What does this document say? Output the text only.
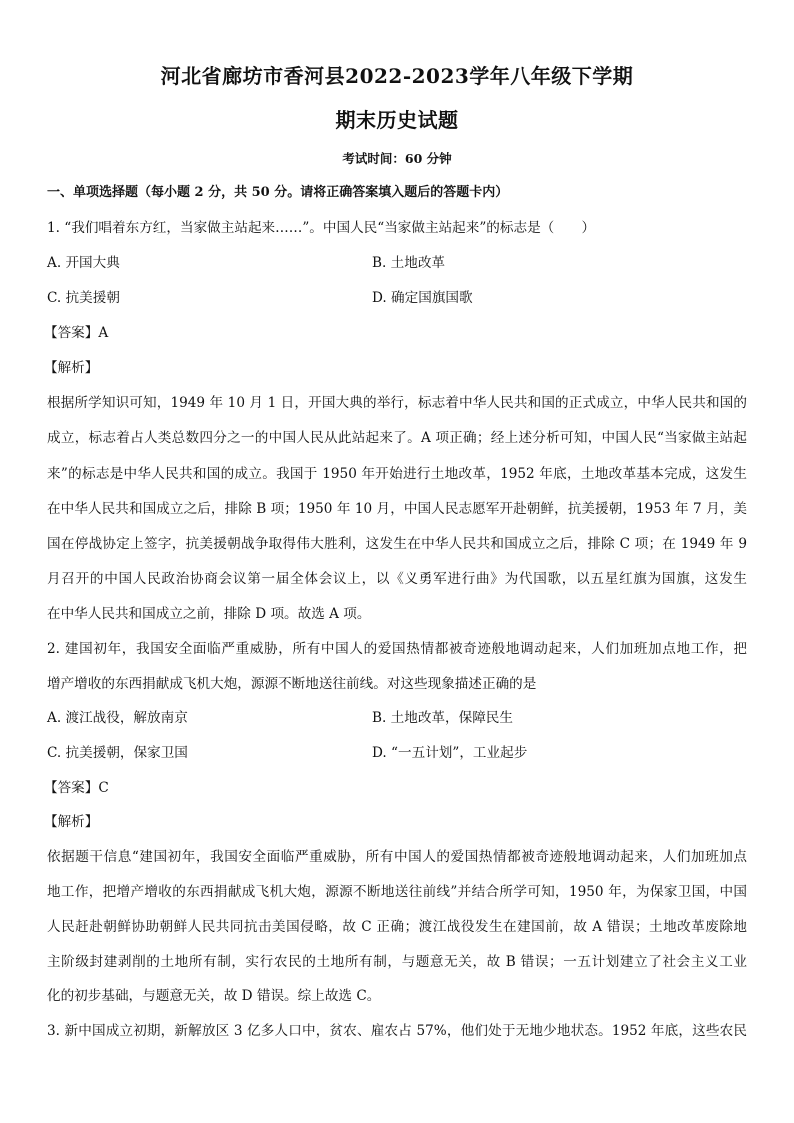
河北省廊坊市香河县2022-2023学年八年级下学期
期末历史试题
考试时间：60 分钟
一、单项选择题（每小题 2 分，共 50 分。请将正确答案填入题后的答题卡内）
1. “我们唱着东方红，当家做主站起来……”。中国人民“当家做主站起来”的标志是（　　）
A. 开国大典	B. 土地改革
C. 抗美援朝	D. 确定国旗国歌
【答案】A
【解析】
根据所学知识可知，1949 年 10 月 1 日，开国大典的举行，标志着中华人民共和国的正式成立，中华人民共和国的
成立，标志着占人类总数四分之一的中国人民从此站起来了。A 项正确；经上述分析可知，中国人民“当家做主站起
来”的标志是中华人民共和国的成立。我国于 1950 年开始进行土地改革，1952 年底，土地改革基本完成，这发生
在中华人民共和国成立之后，排除 B 项；1950 年 10 月，中国人民志愿军开赴朝鲜，抗美援朝，1953 年 7 月，美
国在停战协定上签字，抗美援朝战争取得伟大胜利，这发生在中华人民共和国成立之后，排除 C 项；在 1949 年 9
月召开的中国人民政治协商会议第一届全体会议上，以《义勇军进行曲》为代国歌，以五星红旗为国旗，这发生
在中华人民共和国成立之前，排除 D 项。故选 A 项。
2. 建国初年，我国安全面临严重威胁，所有中国人的爱国热情都被奇迹般地调动起来，人们加班加点地工作，把
增产增收的东西捐献成飞机大炮，源源不断地送往前线。对这些现象描述正确的是
A. 渡江战役，解放南京	B. 土地改革，保障民生
C. 抗美援朝，保家卫国	D. “一五计划”，工业起步
【答案】C
【解析】
依据题干信息“建国初年，我国安全面临严重威胁，所有中国人的爱国热情都被奇迹般地调动起来，人们加班加点
地工作，把增产增收的东西捐献成飞机大炮，源源不断地送往前线”并结合所学可知，1950 年，为保家卫国，中国
人民赶赴朝鲜协助朝鲜人民共同抗击美国侵略，故 C 正确；渡江战役发生在建国前，故 A 错误；土地改革废除地
主阶级封建剥削的土地所有制，实行农民的土地所有制，与题意无关，故 B 错误；一五计划建立了社会主义工业
化的初步基础，与题意无关，故 D 错误。综上故选 C。
3. 新中国成立初期，新解放区 3 亿多人口中，贫农、雇农占 57%，他们处于无地少地状态。1952 年底，这些农民
